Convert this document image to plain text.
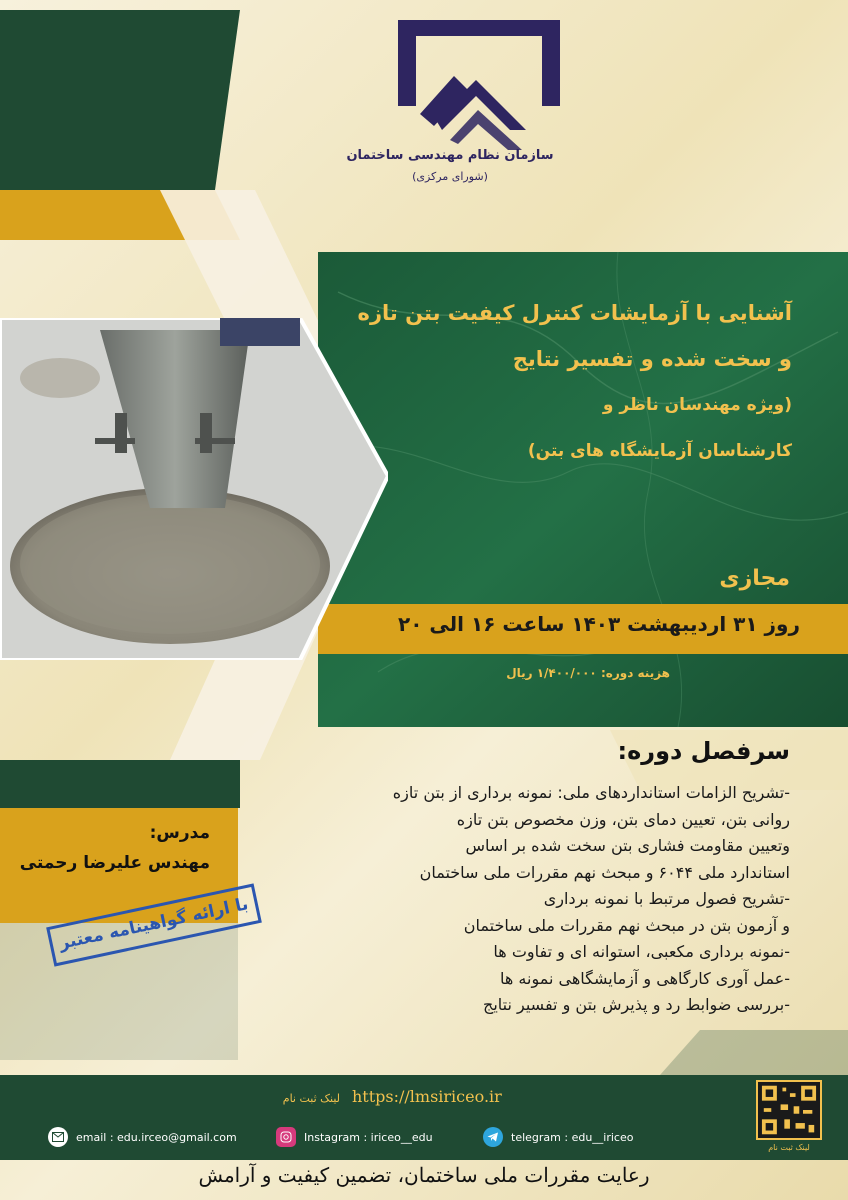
سازمان نظام مهندسی ساختمان
(شورای مرکزی)
آشنایی با آزمایشات کنترل کیفیت بتن تازه
و سخت شده و تفسیر نتایج
(ویژه مهندسان ناظر و
کارشناسان آزمایشگاه های بتن)
مجازی
روز ۳۱ اردیبهشت ۱۴۰۳ ساعت ۱۶ الی ۲۰
هزینه دوره: ۱/۴۰۰/۰۰۰ ریال
سرفصل دوره:
-تشریح الزامات استانداردهای ملی: نمونه برداری از بتن تازه
روانی بتن، تعیین دمای بتن، وزن مخصوص بتن تازه
وتعیین مقاومت فشاری بتن سخت شده بر اساس
استاندارد ملی ۶۰۴۴ و مبحث نهم مقررات ملی ساختمان
-تشریح فصول مرتبط با نمونه برداری
و آزمون بتن در مبحث نهم مقررات ملی ساختمان
-نمونه برداری مکعبی، استوانه ای و تفاوت ها
-عمل آوری کارگاهی و آزمایشگاهی نمونه ها
-بررسی ضوابط رد و پذیرش بتن و تفسیر نتایج
مدرس:
مهندس علیرضا رحمتی
با ارائه گواهینامه معتبر
لینک ثبت نام https://lmsiriceo.ir
email : edu.irceo@gmail.com	Instagram : iriceo__edu	telegram : edu__iriceo
لینک ثبت نام
رعایت مقررات ملی ساختمان، تضمین کیفیت و آرامش
